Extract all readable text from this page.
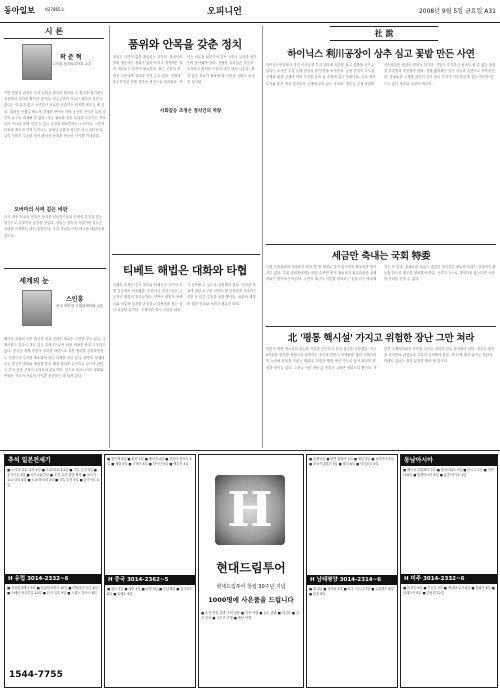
동아일보 제27865호	오피니언	2008년 9월 5일 금요일 A31
시 론
곽 준 혁
고려대 정치외교학과 교수
이번 법원의 판결은 우리 사회가 합의한 원칙과 그 원칙을 지키려는 공동체의 의지를 확인한 것이다. 민주주의의 가치는 다수의 의견이 옳다는 데 있지 않고 시민들이 서로를 존중하는 원칙을 세우는 데 있다. 권력은 언제나 제도적 견제를 받아야 하며 공공의 이익은 특정 집단의 요구로 대체될 수 없다. 지금 필요한 것은 분열을 부추기는 목소리가 아니라 함께 지킬 수 있는 규칙을 회복하려는 노력이다. 시민적 덕성과 제도적 안정이 만나는 곳에서 공화의 정신은 다시 살아난다. 우리 사회가 갈등을 넘어 합의의 문화를 만들어 가기를 기대한다.
오바마의 사려 깊은 비판
미국 대선 후보의 연설은 상대를 비난하기보다 문제의 본질을 짚는 방식으로 유권자의 공감을 얻었다. 정치는 설득의 기술이며 설득은 상대를 이해하는 데서 출발한다. 우리 정치도 이런 태도를 배워야 할 것이다.
세계의 눈
스인훙
중국 런민대 국제관계학원 교수
베이징 올림픽 이후 중국의 대외 전략은 새로운 국면을 맞고 있다. 국제사회는 중국이 책임 있는 강대국으로서 어떤 역할을 할지 주목하고 있다. 중국은 경제 성장의 성과를 바탕으로 지역 협력을 강화하면서도 주변국의 우려를 해소해야 하는 과제를 안고 있다. 한반도 문제에서도 중국은 대화와 협상을 통한 해결 원칙을 유지하고 있으며 관련국 간의 신뢰 구축이 무엇보다 중요하다. 앞으로 동아시아의 평화와 번영은 각국이 서로의 이익을 존중하는 데 달려 있다.
품위와 안목을 갖춘 정치
정치는 국민의 삶을 책임지는 일이다. 정치인의 말과 행동에는 품위가 있어야 하고 결정에는 멀리 내다보는 안목이 필요하다. 최근 국회의 모습은 국민에게 실망을 안겨 주고 있다. 정쟁에 몰두하면서 민생 법안은 뒷전으로 밀려났다. 여야는 서로를 탓하기에 앞서 국민이 무엇을 원하는지 돌아봐야 한다. 진정한 리더십은 갈등을 조정하고 합의를 이끌어 내는 데서 나온다. 품격 있는 정치가 회복될 때 국민의 신뢰도 돌아올 것이다.
사회갈등 조정은 정치인의 역량
티베트 해법은 대화와 타협
티베트 문제는 중국 정부와 티베트인 사이의 오랜 갈등에서 비롯됐다. 무력이나 강압으로는 근본적인 해결이 불가능하다. 양측이 대화의 장에 나와 서로의 입장을 존중하고 타협점을 찾는 것이 유일한 길이다. 국제사회 역시 이러한 대화가 지속될 수 있도록 지원해야 한다. 인권과 자치에 대한 요구를 외면한 채 안정만을 강조하는 것은 또 다른 갈등을 낳을 뿐이다. 평화적 해법을 향한 인내와 신뢰가 필요한 때다.
社 說
하이닉스 利川공장이 상추 심고 꽃밭 만든 사연
하이닉스반도체가 경기 이천공장 부지 일부에 상추를 심고 꽃밭을 가꾸고 있다는 소식은 우리 규제 현실의 한 단면을 보여준다. 공장 증설이 수도권 규제와 환경 규제에 막혀 부지를 놀려 둘 수밖에 없는 상황이다. 수조 원의 투자와 수천 개의 일자리가 규제에 묶여 있는 것이다. 정부는 규제 완화를 약속했지만 현장의 변화는 더디다. 기업이 투자하고 싶어도 할 수 없는 환경을 하루빨리 개선해야 한다. 경제 활성화는 말이 아니라 실천으로 이루어진다. 불필요한 규제를 과감히 걷어 내고 투자가 이루어질 수 있는 여건을 만드는 것이 정부와 국회의 책무다.
세금만 축내는 국회 特委
국회 특별위원회 상당수가 회의 한 번 제대로 열지 않으면서 활동비만 받아 가고 있다. 특위 위원장에게는 매달 수백만 원의 활동비가 지급되지만 실제 성과는 찾아보기 어렵다. 국민의 세금이 이렇게 낭비되는 것을 더는 방치해서는 안 된다. 불필요한 특위는 과감히 정리하고 필요한 특위는 실질적인 활동을 하도록 제도를 정비해야 한다. 국회가 스스로 개혁하지 않는다면 국민의 신뢰를 얻을 수 없다.
北 '평통 핵시설' 가지고 위험한 장난 그만 쳐라
북한이 영변 핵시설의 불능화 작업을 중단하고 원상 복구를 시사했다. 이는 6자회담 합의를 정면으로 위반하는 것이며 한반도 비핵화를 향한 국제사회의 노력에 찬물을 끼얹는 행위다. 북한은 핵을 협상 카드로 삼아 위험한 게임을 벌이고 있다. 그러나 이런 벼랑 끝 전술은 고립만 심화시킬 뿐이다. 북한은 국제사회와의 약속을 지키고 대화의 길로 돌아와야 한다. 정부도 원칙을 지키면서 관련국과 긴밀히 공조해야 한다. 핵 문제 해결 없이는 북한의 미래도 없다는 점을 분명히 해야 할 것이다.
추석 일본전세기
■ 오사카·교토·나라 4일 ■ 도쿄·하코네 4일 ■ 규슈 온천 3일 ■ 홋카이도 4일 ■ 오키나와 3일 ■ 추석 특가 출발 확정 ■ 오사카·교토·나라 4일 ■ 도쿄·하코네 4일 ■ 규슈 온천 3일 ■ 홋카이도 4일
H 유럽 3014-2332~6
■ 서유럽 4개국 9일 ■ 동유럽 5개국 10일 ■ 이탈리아 일주 8일 ■ 스페인·포르투갈 10일 ■ 터키 일주 9일 ■ 스위스 알프스 8일
1544-7755
■ 장가계 5일 ■ 황산 4일 ■ 베이징 4일 ■ 상하이·항저우 4일 ■ 계림 5일 ■ 구채구 6일 ■ 하이난 5일 ■ 백두산 4일
H 중국 3014-2362~5
■ 청도 3일 ■ 대련 4일 ■ 심양 4일 ■ 운남 6일 ■ 실크로드 8일 ■ 티베트 9일
H
현대드림투어
현대드림투어 창립 30주년 기념
1000명에 사은품을 드립니다
■ 추석 연휴 특별 기획 상품 ■ 가족 여행 ■ 효도 관광 ■ 허니문 ■ 골프 투어 ■ 크루즈 여행 ■ 배낭 여행
■ 푸껫 5일 ■ 방콕·파타야 5일 ■ 세부 5일 ■ 보라카이 5일 ■ 코타키나발루 5일 ■ 발리 6일 ■ 싱가포르 4일
H 남태평양 3014-2314~6
■ 괌 4일 ■ 사이판 4일 ■ 호주 시드니 7일 ■ 뉴질랜드 8일 ■ 피지 6일
동남아시아
■ 베트남 하롱베이 5일 ■ 앙코르와트 5일 ■ 라오스 5일 ■ 미얀마 6일 ■ 말레이시아 5일 ■ 홍콩·마카오 4일
H 미주 3014-2332~6
■ 미서부 9일 ■ 미동부 9일 ■ 캐나다 로키 8일 ■ 하와이 6일 ■ 알래스카 8일 ■ 중남미 12일
